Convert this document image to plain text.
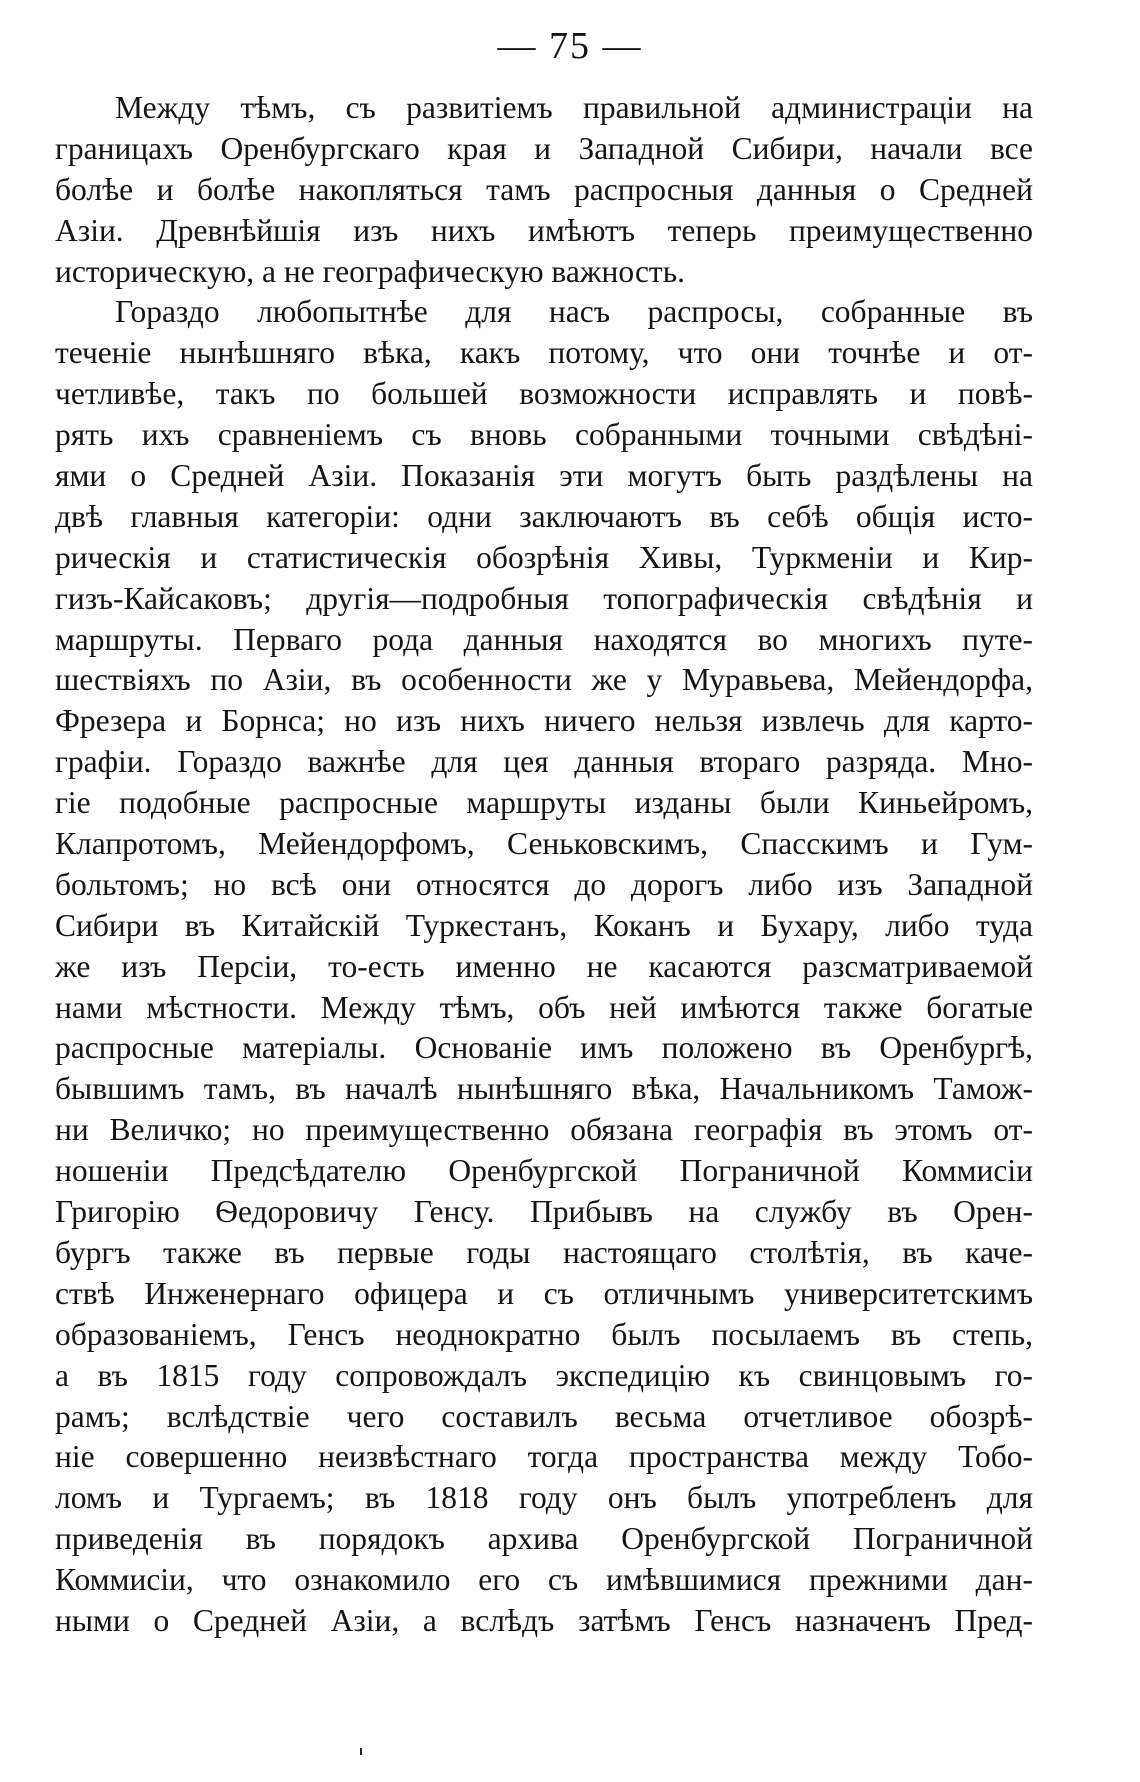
— 75 —
Между тѣмъ, съ развитіемъ правильной администраціи на
границахъ Оренбургскаго края и Западной Сибири, начали все
болѣе и болѣе накопляться тамъ распросныя данныя о Средней
Азіи. Древнѣйшія изъ нихъ имѣютъ теперь преимущественно
историческую, а не географическую важность.
Гораздо любопытнѣе для насъ распросы, собранные въ
теченіе нынѣшняго вѣка, какъ потому, что они точнѣе и от-
четливѣе, такъ по большей возможности исправлять и повѣ-
рять ихъ сравненіемъ съ вновь собранными точными свѣдѣні-
ями о Средней Азіи. Показанія эти могутъ быть раздѣлены на
двѣ главныя категоріи: одни заключаютъ въ себѣ общія исто-
рическія и статистическія обозрѣнія Хивы, Туркменіи и Кир-
гизъ-Кайсаковъ; другія—подробныя топографическія свѣдѣнія и
маршруты. Перваго рода данныя находятся во многихъ путе-
шествіяхъ по Азіи, въ особенности же у Муравьева, Мейендорфа,
Фрезера и Борнса; но изъ нихъ ничего нельзя извлечь для карто-
графіи. Гораздо важнѣе для цея данныя втораго разряда. Мно-
гіе подобные распросные маршруты изданы были Киньейромъ,
Клапротомъ, Мейендорфомъ, Сеньковскимъ, Спасскимъ и Гум-
больтомъ; но всѣ они относятся до дорогъ либо изъ Западной
Сибири въ Китайскій Туркестанъ, Коканъ и Бухару, либо туда
же изъ Персіи, то-есть именно не касаются разсматриваемой
нами мѣстности. Между тѣмъ, объ ней имѣются также богатые
распросные матеріалы. Основаніе имъ положено въ Оренбургѣ,
бывшимъ тамъ, въ началѣ нынѣшняго вѣка, Начальникомъ Тамож-
ни Величко; но преимущественно обязана географія въ этомъ от-
ношеніи Предсѣдателю Оренбургской Пограничной Коммисіи
Григорію Ѳедоровичу Генсу. Прибывъ на службу въ Орен-
бургъ также въ первые годы настоящаго столѣтія, въ каче-
ствѣ Инженернаго офицера и съ отличнымъ университетскимъ
образованіемъ, Генсъ неоднократно былъ посылаемъ въ степь,
а въ 1815 году сопровождалъ экспедицію къ свинцовымъ го-
рамъ; вслѣдствіе чего составилъ весьма отчетливое обозрѣ-
ніе совершенно неизвѣстнаго тогда пространства между Тобо-
ломъ и Тургаемъ; въ 1818 году онъ былъ употребленъ для
приведенія въ порядокъ архива Оренбургской Пограничной
Коммисіи, что ознакомило его съ имѣвшимися прежними дан-
ными о Средней Азіи, а вслѣдъ затѣмъ Генсъ назначенъ Пред-
